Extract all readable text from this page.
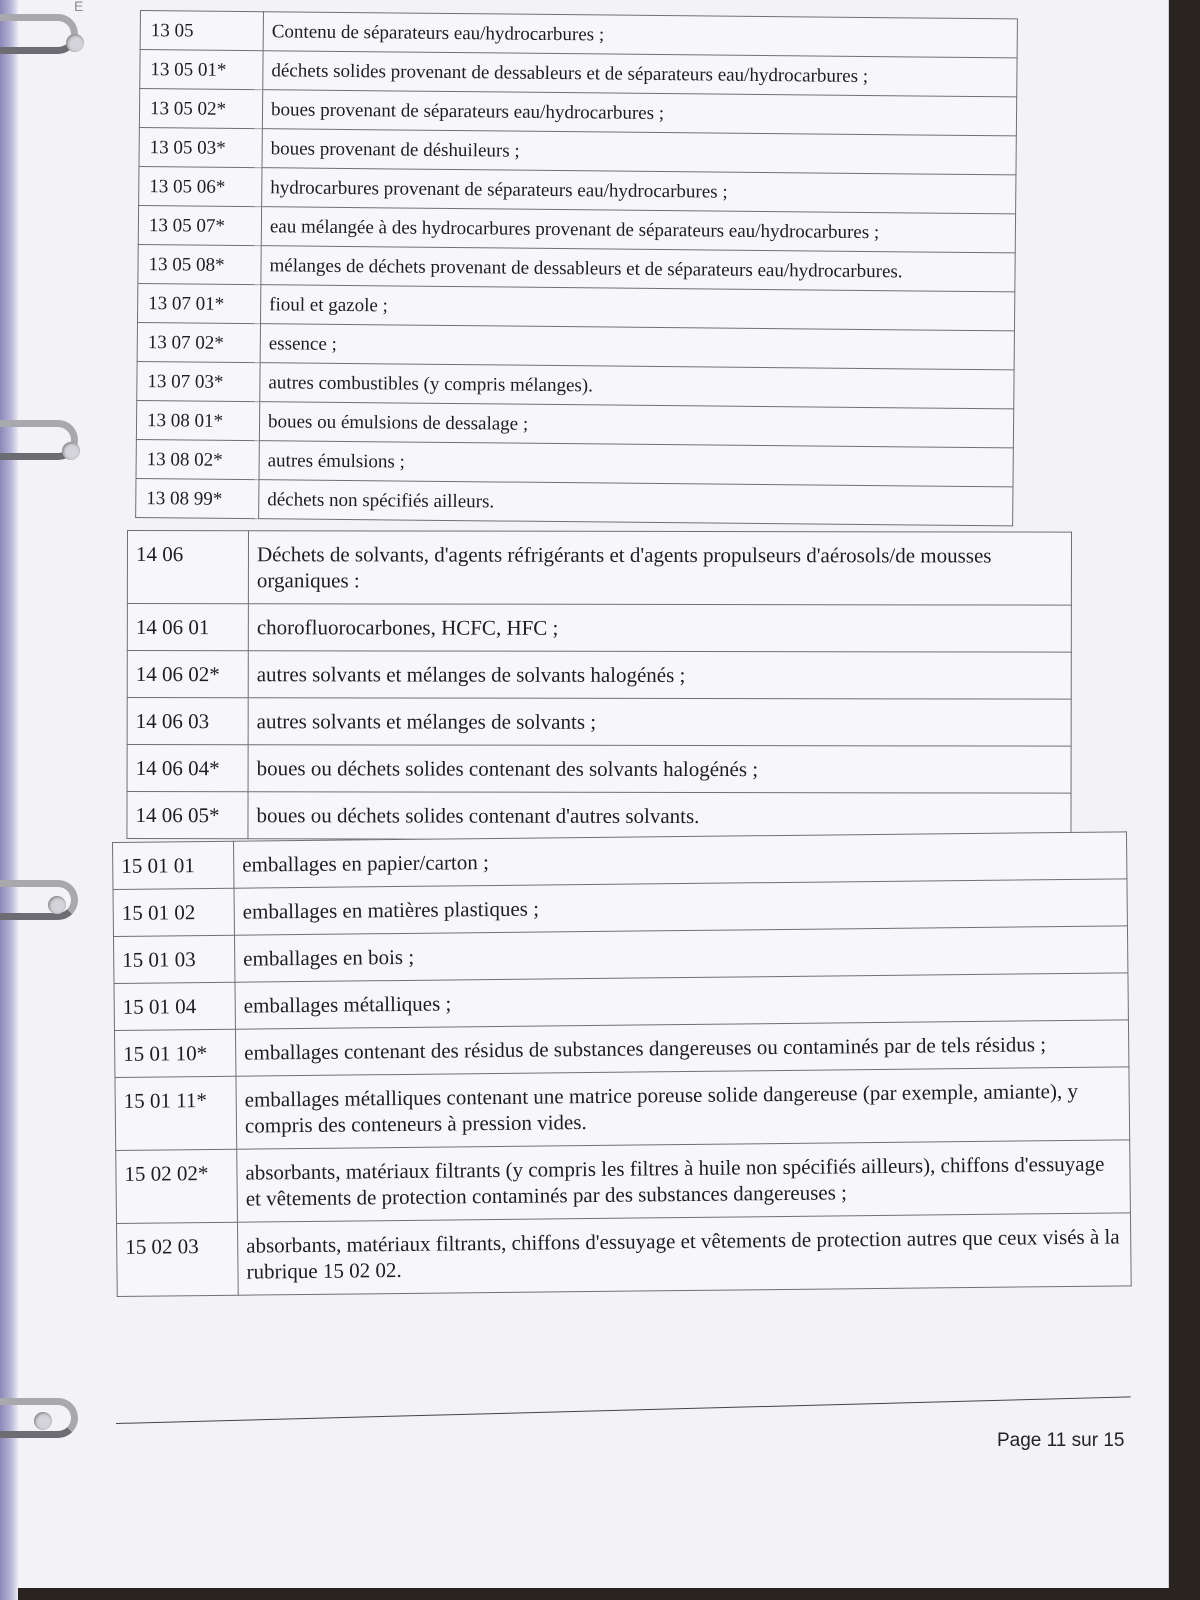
E
13 05	Contenu de séparateurs eau/hydrocarbures ;
13 05 01*	déchets solides provenant de dessableurs et de séparateurs eau/hydrocarbures ;
13 05 02*	boues provenant de séparateurs eau/hydrocarbures ;
13 05 03*	boues provenant de déshuileurs ;
13 05 06*	hydrocarbures provenant de séparateurs eau/hydrocarbures ;
13 05 07*	eau mélangée à des hydrocarbures provenant de séparateurs eau/hydrocarbures ;
13 05 08*	mélanges de déchets provenant de dessableurs et de séparateurs eau/hydrocarbures.
13 07 01*	fioul et gazole ;
13 07 02*	essence ;
13 07 03*	autres combustibles (y compris mélanges).
13 08 01*	boues ou émulsions de dessalage ;
13 08 02*	autres émulsions ;
13 08 99*	déchets non spécifiés ailleurs.
14 06	Déchets de solvants, d'agents réfrigérants et d'agents propulseurs d'aérosols/de mousses organiques :
14 06 01	chorofluorocarbones, HCFC, HFC ;
14 06 02*	autres solvants et mélanges de solvants halogénés ;
14 06 03	autres solvants et mélanges de solvants ;
14 06 04*	boues ou déchets solides contenant des solvants halogénés ;
14 06 05*	boues ou déchets solides contenant d'autres solvants.
15 01 01	emballages en papier/carton ;
15 01 02	emballages en matières plastiques ;
15 01 03	emballages en bois ;
15 01 04	emballages métalliques ;
15 01 10*	emballages contenant des résidus de substances dangereuses ou contaminés par de tels résidus ;
15 01 11*	emballages métalliques contenant une matrice poreuse solide dangereuse (par exemple, amiante), y compris des conteneurs à pression vides.
15 02 02*	absorbants, matériaux filtrants (y compris les filtres à huile non spécifiés ailleurs), chiffons d'essuyage et vêtements de protection contaminés par des substances dangereuses ;
15 02 03	absorbants, matériaux filtrants, chiffons d'essuyage et vêtements de protection autres que ceux visés à la rubrique 15 02 02.
Page 11 sur 15
